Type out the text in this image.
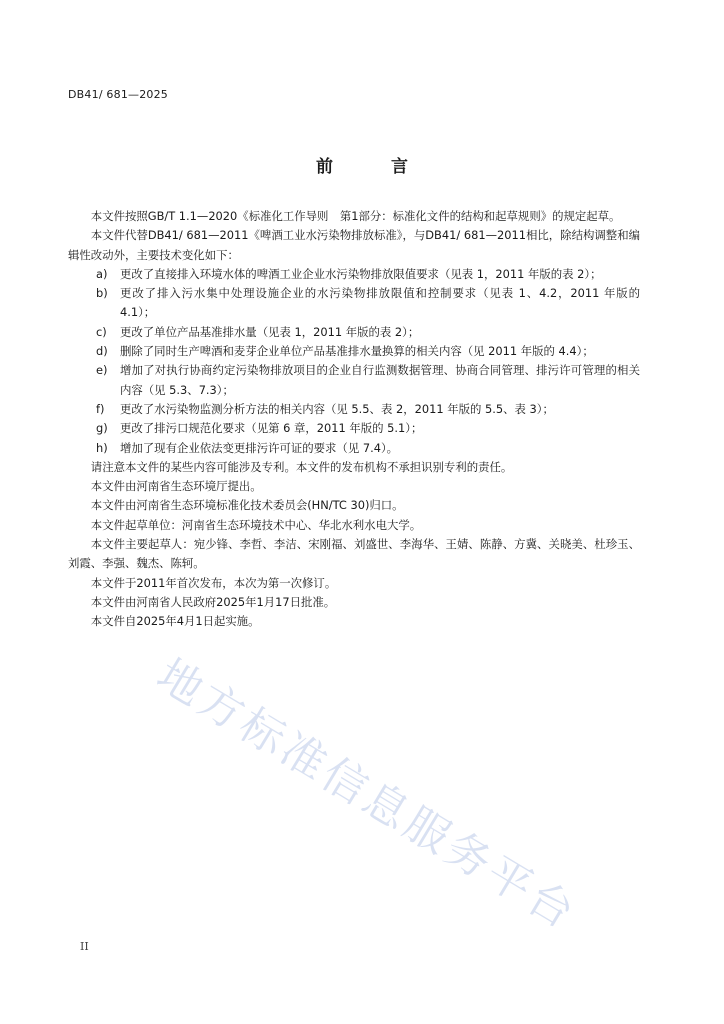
DB41/ 681—2025
前 言

本文件按照GB/T 1.1—2020《标准化工作导则　第1部分：标准化文件的结构和起草规则》的规定起草。

本文件代替DB41/ 681—2011《啤酒工业水污染物排放标准》，与DB41/ 681—2011相比，除结构调整和编辑性改动外，主要技术变化如下：

a) 更改了直接排入环境水体的啤酒工业企业水污染物排放限值要求（见表 1，2011 年版的表 2）；

b) 更改了排入污水集中处理设施企业的水污染物排放限值和控制要求（见表 1、4.2，2011 年版的 4.1）；

c) 更改了单位产品基准排水量（见表 1，2011 年版的表 2）；

d) 删除了同时生产啤酒和麦芽企业单位产品基准排水量换算的相关内容（见 2011 年版的 4.4）；

e) 增加了对执行协商约定污染物排放项目的企业自行监测数据管理、协商合同管理、排污许可管理的相关内容（见 5.3、7.3）；

f) 更改了水污染物监测分析方法的相关内容（见 5.5、表 2，2011 年版的 5.5、表 3）；

g) 更改了排污口规范化要求（见第 6 章，2011 年版的 5.1）；

h) 增加了现有企业依法变更排污许可证的要求（见 7.4）。

请注意本文件的某些内容可能涉及专利。本文件的发布机构不承担识别专利的责任。

本文件由河南省生态环境厅提出。

本文件由河南省生态环境标准化技术委员会(HN/TC 30)归口。

本文件起草单位：河南省生态环境技术中心、华北水利水电大学。

本文件主要起草人：宛少锋、李哲、李洁、宋刚福、刘盛世、李海华、王婧、陈静、方冀、关晓美、杜珍玉、刘霞、李强、魏杰、陈轲。

本文件于2011年首次发布，本次为第一次修订。

本文件由河南省人民政府2025年1月17日批准。

本文件自2025年4月1日起实施。

地方标准信息服务平台
II
